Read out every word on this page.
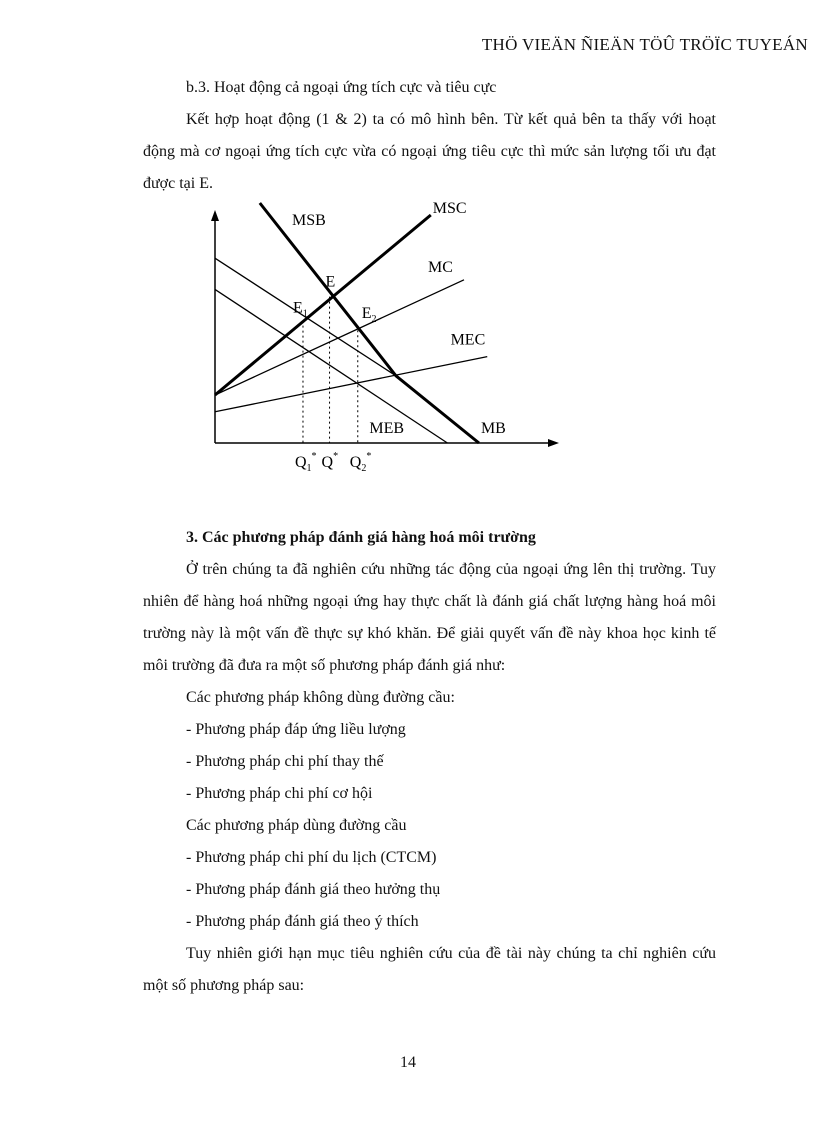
THÖ VIEÄN ÑIEÄN TÖÛ TRÖÏC TUYEÁN

b.3. Hoạt động cả ngoại ứng tích cực và tiêu cực

Kết hợp hoạt động (1 & 2) ta có mô hình bên. Từ kết quả bên ta thấy với hoạt động mà cơ ngoại ứng tích cực vừa có ngoại ứng tiêu cực thì mức sản lượng tối ưu đạt được tại E.

MSB
MB
MEB
MSC
MC
MEC
E
$E_1$	$E_2$
$Q_1^*$ Q* $Q_2^*$

3. Các phương pháp đánh giá hàng hoá môi trường

Ở trên chúng ta đã nghiên cứu những tác động của ngoại ứng lên thị trường. Tuy nhiên để hàng hoá những ngoại ứng hay thực chất là đánh giá chất lượng hàng hoá môi trường này là một vấn đề thực sự khó khăn. Để giải quyết vấn đề này khoa học kinh tế môi trường đã đưa ra một số phương pháp đánh giá như:

Các phương pháp không dùng đường cầu:

- Phương pháp đáp ứng liều lượng

- Phương pháp chi phí thay thế

- Phương pháp chi phí cơ hội

Các phương pháp dùng đường cầu

- Phương pháp chi phí du lịch (CTCM)

- Phương pháp đánh giá theo hưởng thụ

- Phương pháp đánh giá theo ý thích

Tuy nhiên giới hạn mục tiêu nghiên cứu của đề tài này chúng ta chỉ nghiên cứu một số phương pháp sau:

14
